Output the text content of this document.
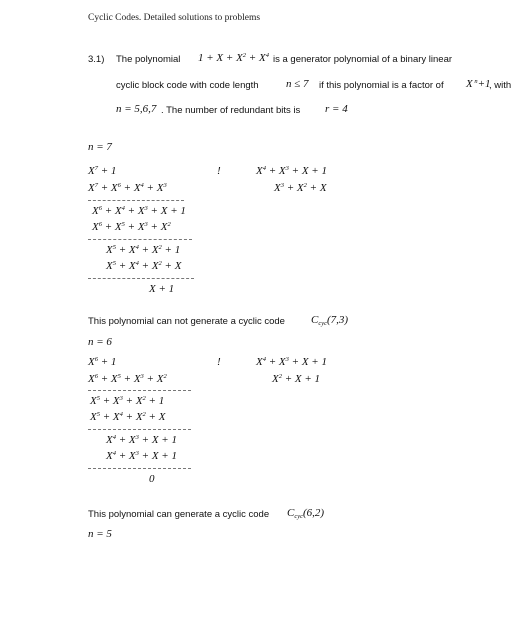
Cyclic Codes. Detailed solutions to problems
3.1) The polynomial $1 + X + X^2 + X^4$ is a generator polynomial of a binary linear
cyclic block code with code length n ≤ 7 if this polynomial is a factor of X $^n$+1
, with
n = 5,6,7 . The number of redundant bits is r = 4
n = 7
$X^7 + 1$	!	$X^4 + X^3 + X + 1$
$X^7 + X^6 + X^4 + X^3$	$X^3 + X^2 + X$
$X^6 + X^4 + X^3 + X + 1$
$X^6 + X^5 + X^3 + X^2$
$X^5 + X^4 + X^2 + 1$
$X^5 + X^4 + X^2 + X$
X + 1
This polynomial can not generate a cyclic code $C_{cyc}(7,3)$
n = 6
$X^6 + 1$	!	$X^4 + X^3 + X + 1$
$X^6 + X^5 + X^3 + X^2$	$X^2 + X + 1$
$X^5 + X^3 + X^2 + 1$
$X^5 + X^4 + X^2 + X$
$X^4 + X^3 + X + 1$
$X^4 + X^3 + X + 1$
0
This polynomial can generate a cyclic code $C_{cyc}(6,2)$
n = 5
